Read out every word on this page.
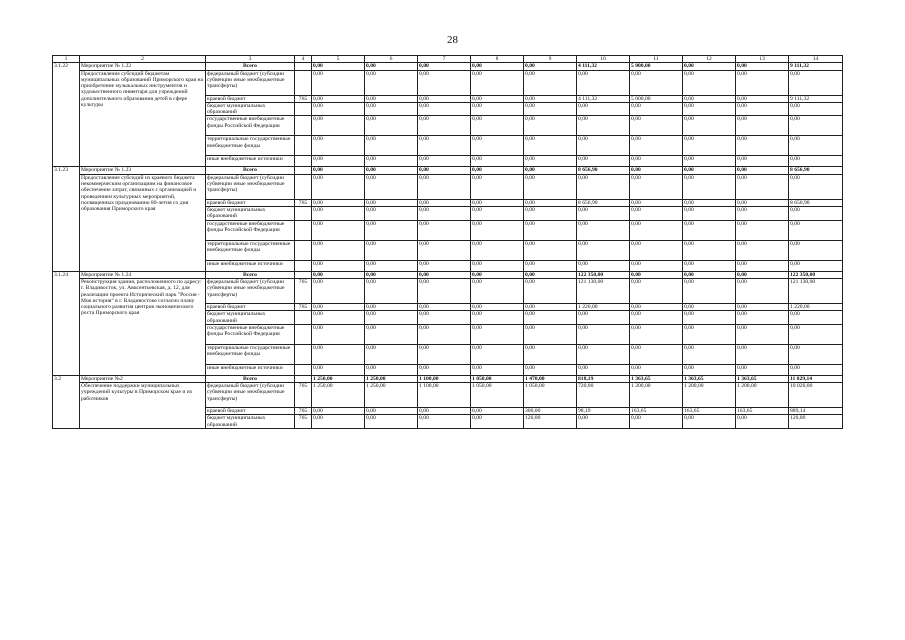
28
1	2	3	4	5	6	7	8	9	10	11	12	13	14
3.1.22	Мероприятие № 1.22	Всего		0,00	0,00	0,00	0,00	0,00	4 111,32	5 000,00	0,00	0,00	9 111,32
	Предоставление субсидий бюджетам муниципальных образований Приморского края на приобретение музыкальных инструментов и художественного инвентаря для учреждений дополнительного образования детей в сфере культуры	федеральный бюджет (субсидии субвенции иные межбюджетные трансферты)		0,00	0,00	0,00	0,00	0,00	0,00	0,00	0,00	0,00	0,00
		краевой бюджет	765	0,00	0,00	0,00	0,00	0,00	4 111,32	5 000,00	0,00	0,00	9 111,32
		бюджет муниципальных образований		0,00	0,00	0,00	0,00	0,00	0,00	0,00	0,00	0,00	0,00
		государственные внебюджетные фонды Российской Федерации		0,00	0,00	0,00	0,00	0,00	0,00	0,00	0,00	0,00	0,00
		территориальные государственные внебюджетные фонды		0,00	0,00	0,00	0,00	0,00	0,00	0,00	0,00	0,00	0,00
		иные внебюджетные источники		0,00	0,00	0,00	0,00	0,00	0,00	0,00	0,00	0,00	0,00
3.1.23	Мероприятие № 1.23	Всего		0,00	0,00	0,00	0,00	0,00	8 656,90	0,00	0,00	0,00	8 656,90
	Предоставление субсидий из краевого бюджета некоммерческим организациям на финансовое обеспечение затрат, связанных с организацией и проведением культурных мероприятий, посвященных празднованию 80-летия со дня образования Приморского края	федеральный бюджет (субсидии субвенции иные межбюджетные трансферты)		0,00	0,00	0,00	0,00	0,00	0,00	0,00	0,00	0,00	0,00
		краевой бюджет	765	0,00	0,00	0,00	0,00	0,00	8 656,90	0,00	0,00	0,00	8 656,90
		бюджет муниципальных образований		0,00	0,00	0,00	0,00	0,00	0,00	0,00	0,00	0,00	0,00
		государственные внебюджетные фонды Российской Федерации		0,00	0,00	0,00	0,00	0,00	0,00	0,00	0,00	0,00	0,00
		территориальные государственные внебюджетные фонды		0,00	0,00	0,00	0,00	0,00	0,00	0,00	0,00	0,00	0,00
		иные внебюджетные источники		0,00	0,00	0,00	0,00	0,00	0,00	0,00	0,00	0,00	0,00
3.1.24	Мероприятие № 1.24	Всего		0,00	0,00	0,00	0,00	0,00	122 350,00	0,00	0,00	0,00	122 350,00
	Реконструкция здания, расположенного по адресу: г. Владивосток, ул. Авксентьевская, д. 12, для реализации проекта Исторический парк "Россия - Моя история" в г. Владивостоке согласно плану социального развития центров экономического роста Приморского края	федеральный бюджет (субсидии субвенции иные межбюджетные трансферты)	765	0,00	0,00	0,00	0,00	0,00	121 130,00	0,00	0,00	0,00	121 130,00
		краевой бюджет	765	0,00	0,00	0,00	0,00	0,00	1 220,00	0,00	0,00	0,00	1 220,00
		бюджет муниципальных образований		0,00	0,00	0,00	0,00	0,00	0,00	0,00	0,00	0,00	0,00
		государственные внебюджетные фонды Российской Федерации		0,00	0,00	0,00	0,00	0,00	0,00	0,00	0,00	0,00	0,00
		территориальные государственные внебюджетные фонды		0,00	0,00	0,00	0,00	0,00	0,00	0,00	0,00	0,00	0,00
		иные внебюджетные источники		0,00	0,00	0,00	0,00	0,00	0,00	0,00	0,00	0,00	0,00
3.2	Мероприятие №2	Всего		1 250,00	1 250,00	1 100,00	1 050,00	1 470,00	818,19	1 363,65	1 363,65	1 363,65	11 029,14
	Обеспечение поддержки муниципальных учреждений культуры в Приморском крае и их работников	федеральный бюджет (субсидии субвенции иные межбюджетные трансферты)	765	1 250,00	1 250,00	1 100,00	1 050,00	1 050,00	720,00	1 200,00	1 200,00	1 200,00	10 020,00
		краевой бюджет	765	0,00	0,00	0,00	0,00	300,00	98,19	163,65	163,65	163,65	889,14
		бюджет муниципальных образований	765	0,00	0,00	0,00	0,00	120,00	0,00	0,00	0,00	0,00	120,00
